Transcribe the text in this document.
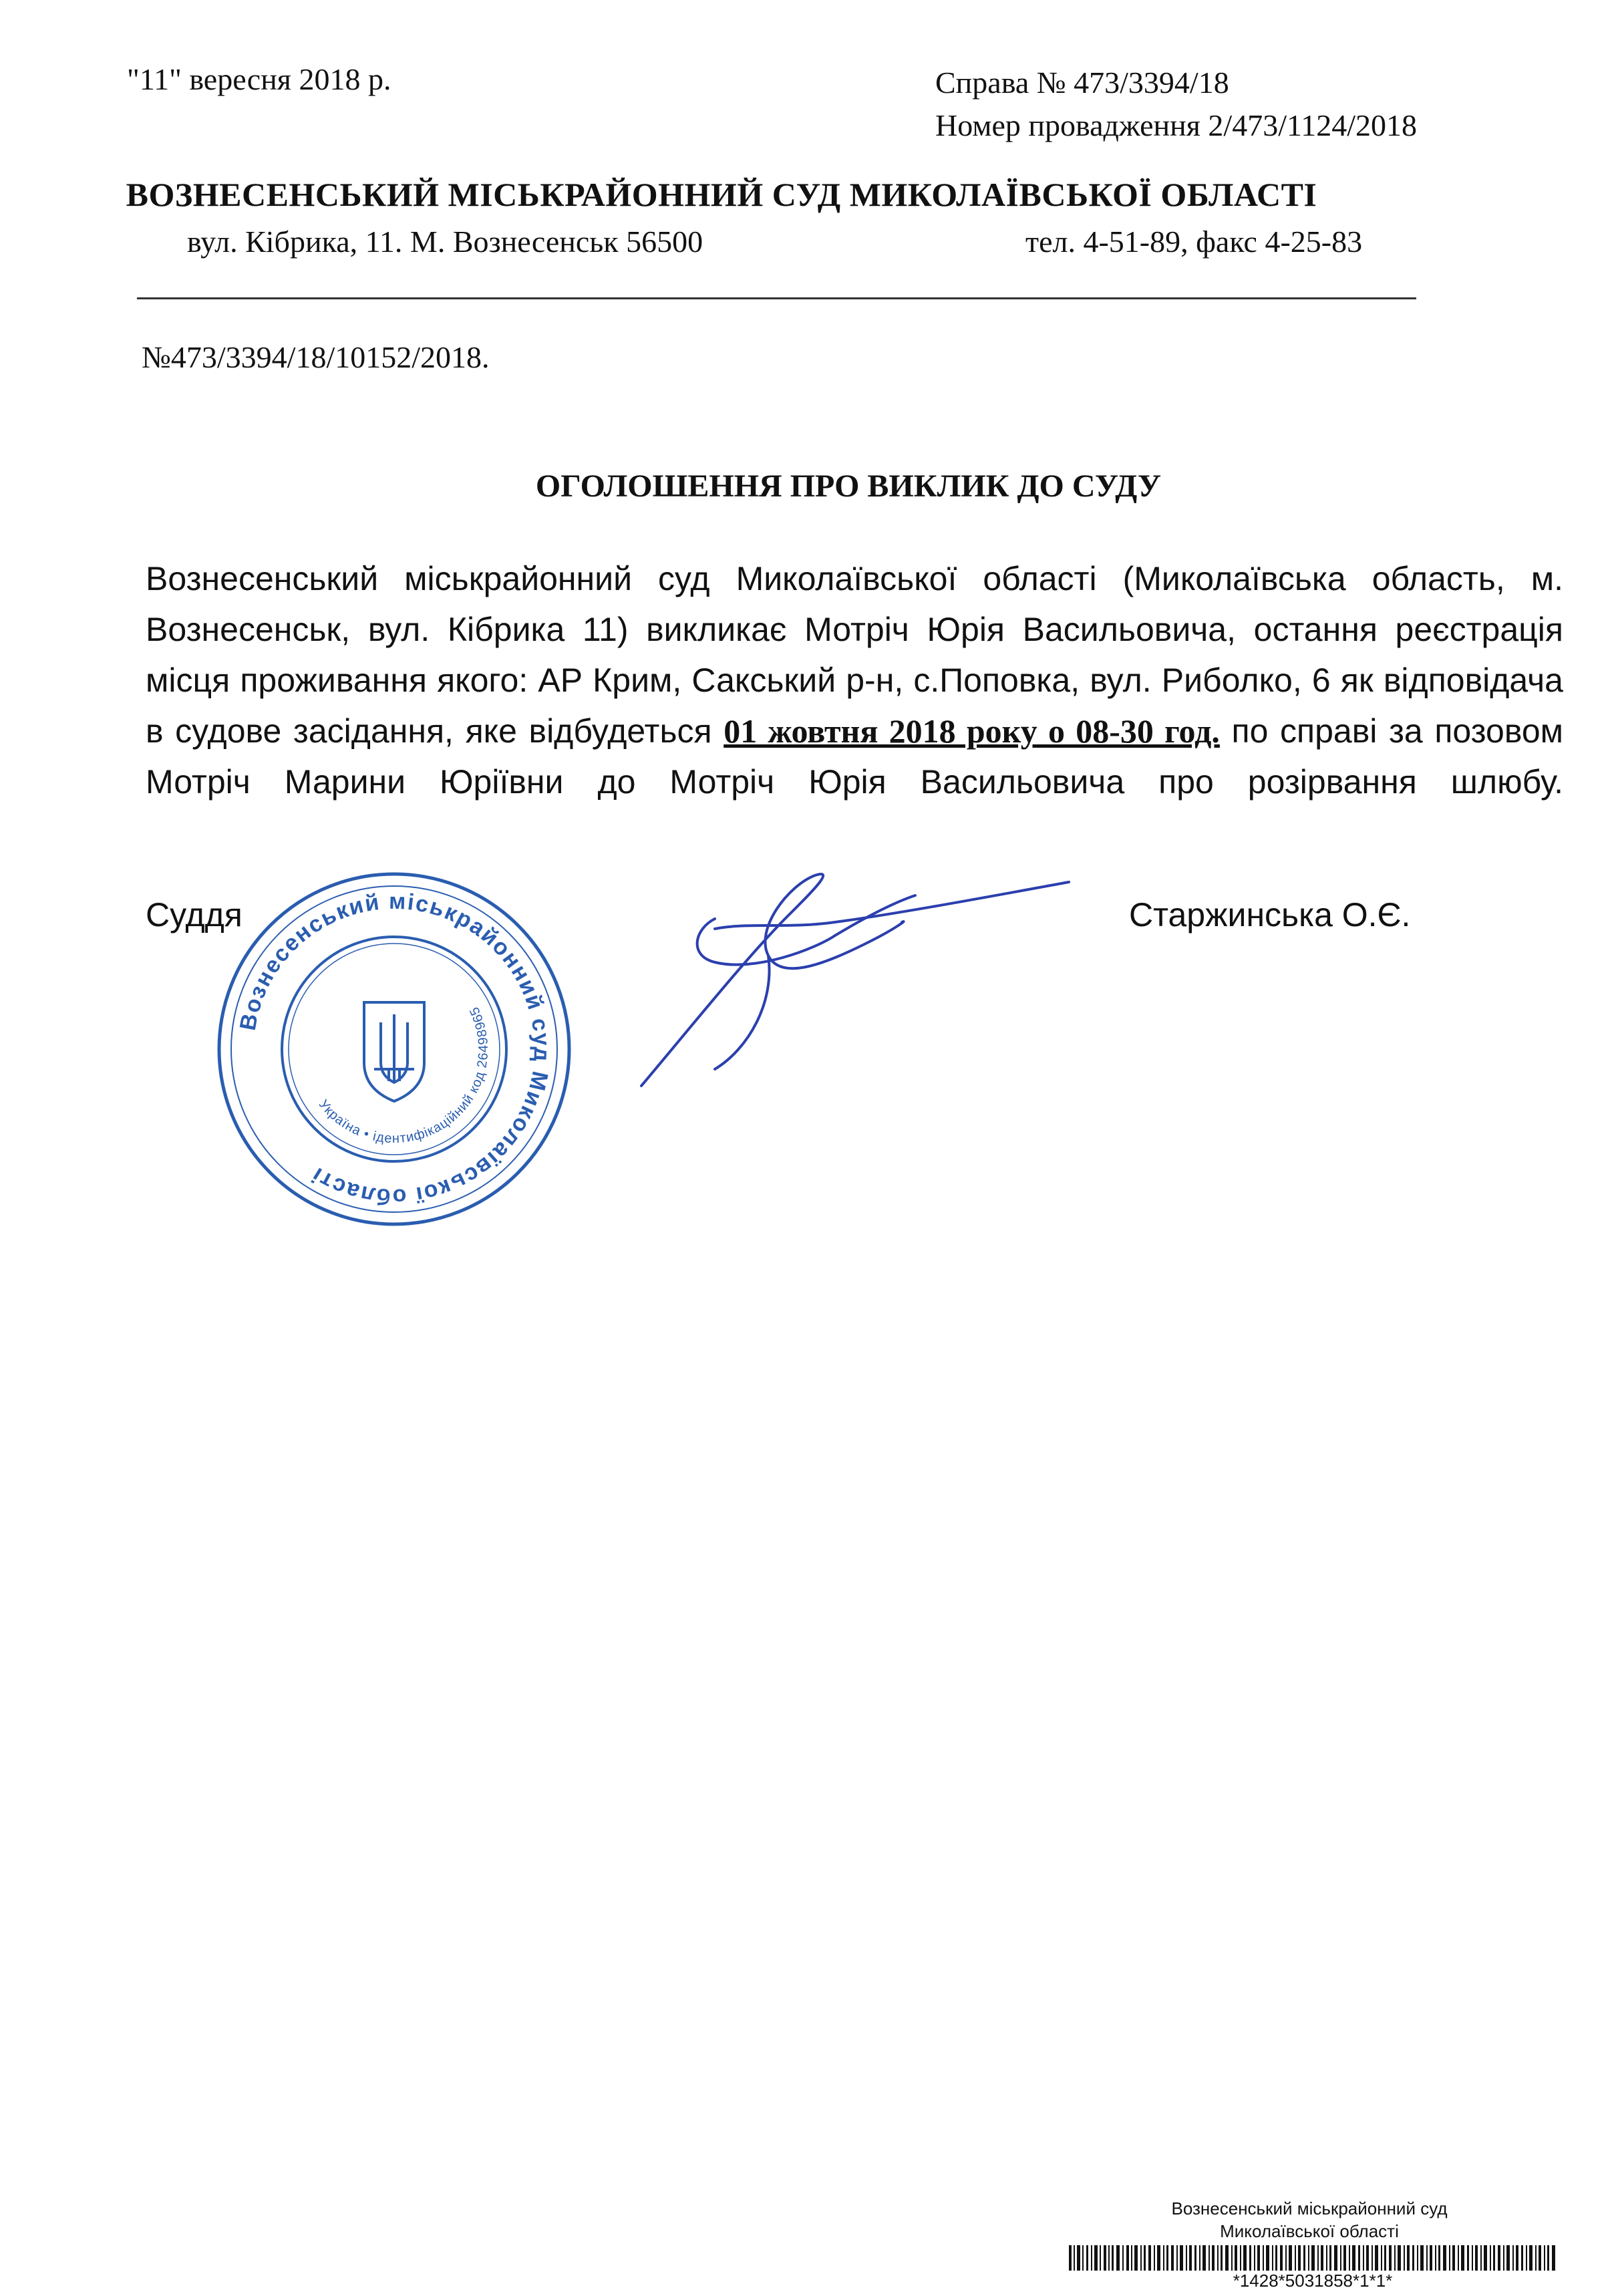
"11" вересня 2018 р.	Справа № 473/3394/18
Номер провадження 2/473/1124/2018
ВОЗНЕСЕНСЬКИЙ МІСЬКРАЙОННИЙ СУД МИКОЛАЇВСЬКОЇ ОБЛАСТІ
вул. Кібрика, 11. М. Вознесенськ 56500	тел. 4-51-89, факс 4-25-83
№473/3394/18/10152/2018.
ОГОЛОШЕННЯ ПРО ВИКЛИК ДО СУДУ
Вознесенський міськрайонний суд Миколаївської області (Миколаївська область, м. Вознесенськ, вул. Кібрика 11) викликає Мотріч Юрія Васильовича, остання реєстрація місця проживання якого: АР Крим, Сакський р-н, с.Поповка, вул. Риболко, 6 як відповідача в судове засідання, яке відбудеться 01 жовтня 2018 року о 08-30 год. по справі за позовом Мотріч Марини Юріївни до Мотріч Юрія Васильовича про розірвання шлюбу.
Суддя	Старжинська О.Є.
Вознесенський міськрайонний суд Миколаївської області
Україна • ідентифікаційний код 26498965
Вознесенський міськрайонний суд
Миколаївської області
*1428*5031858*1*1*
